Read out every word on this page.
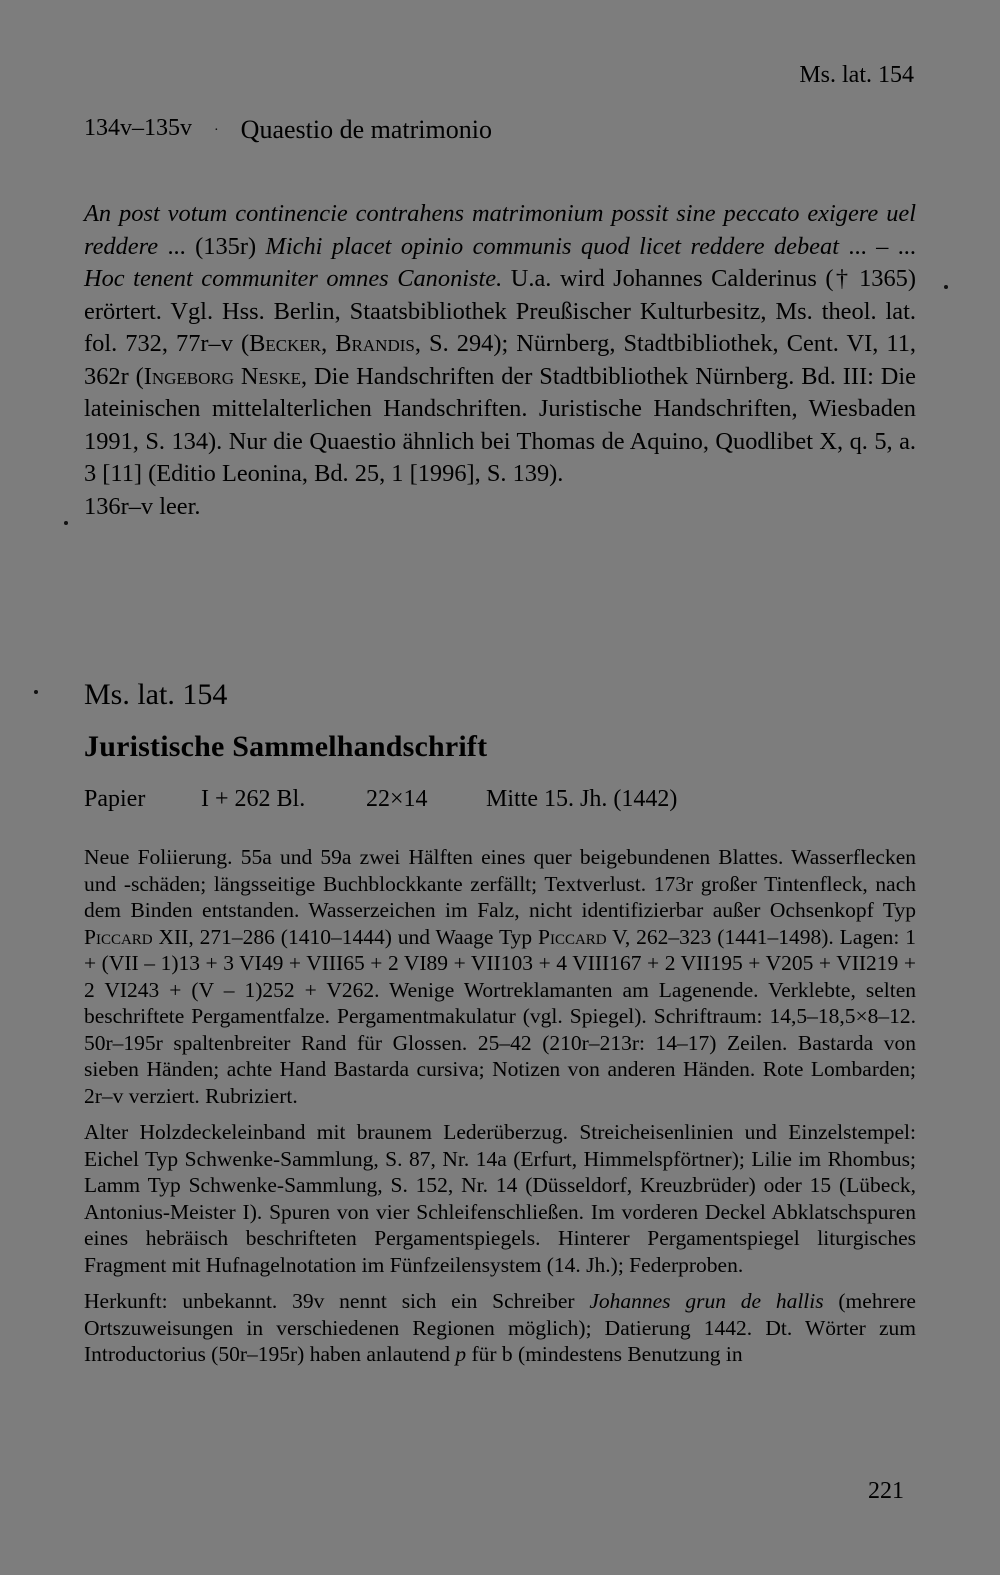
Ms. lat. 154
134v–135v · Quaestio de matrimonio

An post votum continencie contrahens matrimonium possit sine peccato exigere uel reddere ... (135r) Michi placet opinio communis quod licet reddere debeat ... – ... Hoc tenent communiter omnes Canoniste. U.a. wird Johannes Calderinus († 1365) erörtert. Vgl. Hss. Berlin, Staatsbibliothek Preußischer Kulturbesitz, Ms. theol. lat. fol. 732, 77r–v (Becker, Brandis, S. 294); Nürnberg, Stadtbibliothek, Cent. VI, 11, 362r (Ingeborg Neske, Die Handschriften der Stadtbibliothek Nürnberg. Bd. III: Die lateinischen mittelalterlichen Handschriften. Juristische Handschriften, Wiesbaden 1991, S. 134). Nur die Quaestio ähnlich bei Thomas de Aquino, Quodlibet X, q. 5, a. 3 [11] (Editio Leonina, Bd. 25, 1 [1996], S. 139).

136r–v leer.

Ms. lat. 154
Juristische Sammelhandschrift
Papier I + 262 Bl.	22×14 Mitte 15. Jh. (1442)

Neue Foliierung. 55a und 59a zwei Hälften eines quer beigebundenen Blattes. Wasserflecken und -schäden; längsseitige Buchblockkante zerfällt; Textverlust. 173r großer Tintenfleck, nach dem Binden entstanden. Wasserzeichen im Falz, nicht identifizierbar außer Ochsenkopf Typ Piccard XII, 271–286 (1410–1444) und Waage Typ Piccard V, 262–323 (1441–1498). Lagen: 1 + (VII – 1)13 + 3 VI49 + VIII65 + 2 VI89 + VII103 + 4 VIII167 + 2 VII195 + V205 + VII219 + 2 VI243 + (V – 1)252 + V262. Wenige Wortreklamanten am Lagenende. Verklebte, selten beschriftete Pergamentfalze. Pergamentmakulatur (vgl. Spiegel). Schriftraum: 14,5–18,5×8–12. 50r–195r spaltenbreiter Rand für Glossen. 25–42 (210r–213r: 14–17) Zeilen. Bastarda von sieben Händen; achte Hand Bastarda cursiva; Notizen von anderen Händen. Rote Lombarden; 2r–v verziert. Rubriziert.

Alter Holzdeckeleinband mit braunem Lederüberzug. Streicheisenlinien und Einzelstempel: Eichel Typ Schwenke-Sammlung, S. 87, Nr. 14a (Erfurt, Himmelspförtner); Lilie im Rhombus; Lamm Typ Schwenke-Sammlung, S. 152, Nr. 14 (Düsseldorf, Kreuzbrüder) oder 15 (Lübeck, Antonius-Meister I). Spuren von vier Schleifenschließen. Im vorderen Deckel Abklatschspuren eines hebräisch beschrifteten Pergamentspiegels. Hinterer Pergamentspiegel liturgisches Fragment mit Hufnagelnotation im Fünfzeilensystem (14. Jh.); Federproben.

Herkunft: unbekannt. 39v nennt sich ein Schreiber Johannes grun de hallis (mehrere Ortszuweisungen in verschiedenen Regionen möglich); Datierung 1442. Dt. Wörter zum Introductorius (50r–195r) haben anlautend p für b (mindestens Benutzung in

221
